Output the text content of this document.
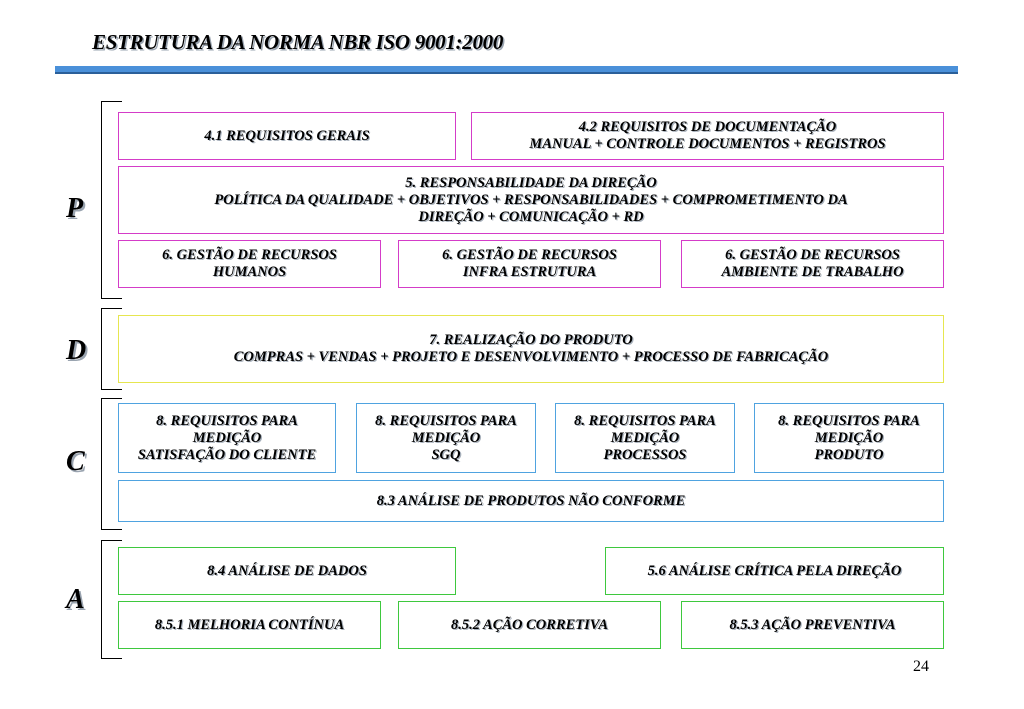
ESTRUTURA DA NORMA NBR ISO 9001:2000
P
D
C
A
4.1 REQUISITOS GERAIS
4.2 REQUISITOS DE DOCUMENTAÇÃO
MANUAL + CONTROLE DOCUMENTOS + REGISTROS
5. RESPONSABILIDADE DA DIREÇÃO
POLÍTICA DA QUALIDADE + OBJETIVOS + RESPONSABILIDADES + COMPROMETIMENTO DA
DIREÇÃO + COMUNICAÇÃO + RD
6. GESTÃO DE RECURSOS
HUMANOS
6. GESTÃO DE RECURSOS
INFRA ESTRUTURA
6. GESTÃO DE RECURSOS
AMBIENTE DE TRABALHO
7. REALIZAÇÃO DO PRODUTO
COMPRAS + VENDAS + PROJETO E DESENVOLVIMENTO + PROCESSO DE FABRICAÇÃO
8. REQUISITOS PARA
MEDIÇÃO
SATISFAÇÃO DO CLIENTE
8. REQUISITOS PARA
MEDIÇÃO
SGQ
8. REQUISITOS PARA
MEDIÇÃO
PROCESSOS
8. REQUISITOS PARA
MEDIÇÃO
PRODUTO
8.3 ANÁLISE DE PRODUTOS NÃO CONFORME
8.4 ANÁLISE DE DADOS	5.6 ANÁLISE CRÍTICA PELA DIREÇÃO
8.5.1 MELHORIA CONTÍNUA	8.5.2 AÇÃO CORRETIVA	8.5.3 AÇÃO PREVENTIVA
24
